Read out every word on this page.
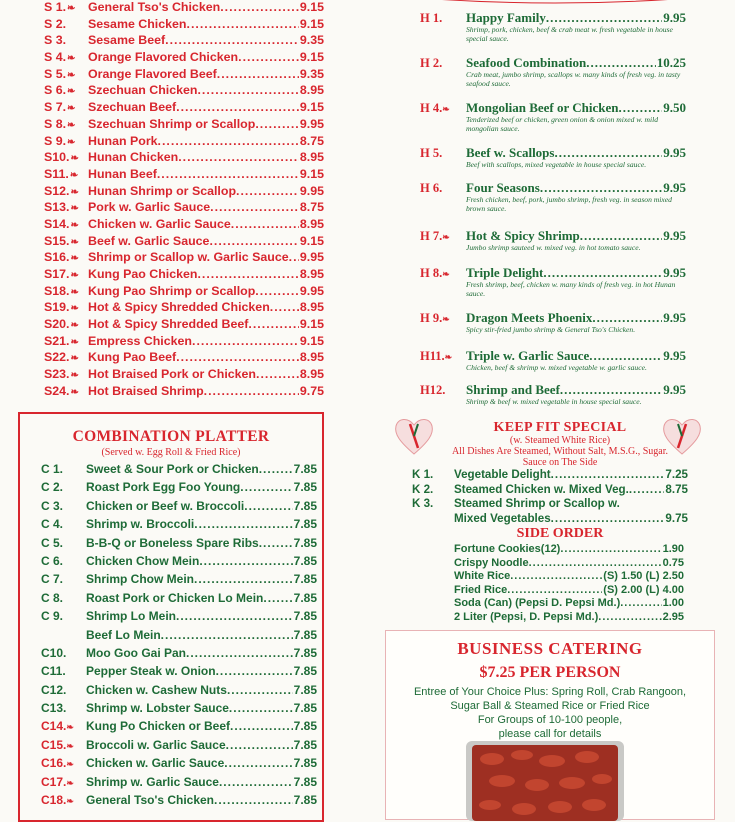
S 1.❧	General Tso's Chicken .....	9.15
S 2.	Sesame Chicken .....	9.15
S 3.	Sesame Beef .....	9.35
S 4.❧	Orange Flavored Chicken .....	9.15
S 5.❧	Orange Flavored Beef .....	9.35
S 6.❧	Szechuan Chicken .....	8.95
S 7.❧	Szechuan Beef .....	9.15
S 8.❧	Szechuan Shrimp or Scallop .....	9.95
S 9.❧	Hunan Pork .....	8.75
S10.❧ Hunan Chicken .....	8.95
S11.❧ Hunan Beef .....	9.15
S12.❧ Hunan Shrimp or Scallop .....	9.95
S13.❧ Pork w. Garlic Sauce .....	8.75
S14.❧ Chicken w. Garlic Sauce .....	8.95
S15.❧ Beef w. Garlic Sauce .....	9.15
S16.❧ Shrimp or Scallop w. Garlic Sauce ..... 9.95
S17.❧ Kung Pao Chicken .....	8.95
S18.❧ Kung Pao Shrimp or Scallop .....	9.95
S19.❧ Hot & Spicy Shredded Chicken ..... 8.95
S20.❧ Hot & Spicy Shredded Beef .....	9.15
S21.❧ Empress Chicken .....	9.15
S22.❧ Kung Pao Beef .....	8.95
S23.❧ Hot Braised Pork or Chicken .....	8.95
S24.❧ Hot Braised Shrimp .....	9.75
COMBINATION PLATTER
(Served w. Egg Roll & Fried Rice)
C 1.	Sweet & Sour Pork or Chicken .....	7.85
C 2.	Roast Pork Egg Foo Young .....	7.85
C 3.	Chicken or Beef w. Broccoli .....	7.85
C 4.	Shrimp w. Broccoli .....	7.85
C 5.	B-B-Q or Boneless Spare Ribs .....	7.85
C 6.	Chicken Chow Mein .....	7.85
C 7.	Shrimp Chow Mein .....	7.85
C 8.	Roast Pork or Chicken Lo Mein .....	7.85
C 9.	Shrimp Lo Mein .....	7.85
Beef Lo Mein .....	7.85
C10.	Moo Goo Gai Pan .....	7.85
C11.	Pepper Steak w. Onion .....	7.85
C12.	Chicken w. Cashew Nuts .....	7.85
C13.	Shrimp w. Lobster Sauce .....	7.85
C14.❧	Kung Po Chicken or Beef .....	7.85
C15.❧	Broccoli w. Garlic Sauce .....	7.85
C16.❧	Chicken w. Garlic Sauce .....	7.85
C17.❧	Shrimp w. Garlic Sauce .....	7.85
C18.❧	General Tso's Chicken .....	7.85
H 1.	Happy Family .....	9.95
Shrimp, pork, chicken, beef & crab meat w. fresh vegetable in house special sauce.
H 2.	Seafood Combination .....	10.25
Crab meat, jumbo shrimp, scallops w. many kinds of fresh veg. in tasty seafood sauce.
H 4.❧	Mongolian Beef or Chicken .....	9.50
Tenderized beef or chicken, green onion & onion mixed w. mild mongolian sauce.
H 5.	Beef w. Scallops .....	9.95
Beef with scallops, mixed vegetable in house special sauce.
H 6.	Four Seasons .....	9.95
Fresh chicken, beef, pork, jumbo shrimp, fresh veg. in season mixed brown sauce.
H 7.❧	Hot & Spicy Shrimp .....	9.95
Jumbo shrimp sauteed w. mixed veg. in hot tomato sauce.
H 8.❧	Triple Delight .....	9.95
Fresh shrimp, beef, chicken w. many kinds of fresh veg. in hot Hunan sauce.
H 9.❧	Dragon Meets Phoenix .....	9.95
Spicy stir-fried jumbo shrimp & General Tso's Chicken.
H11.❧	Triple w. Garlic Sauce .....	9.95
Chicken, beef & shrimp w. mixed vegetable w. garlic sauce.
H12.	Shrimp and Beef .....	9.95
Shrimp & beef w. mixed vegetable in house special sauce.
KEEP FIT SPECIAL
(w. Steamed White Rice)
All Dishes Are Steamed, Without Salt, M.S.G., Sugar.
Sauce on The Side
K 1.	Vegetable Delight .....	7.25
K 2.	Steamed Chicken w. Mixed Veg. .....	8.75
K 3.	Steamed Shrimp or Scallop w.
Mixed Vegetables .....	9.75
SIDE ORDER
Fortune Cookies(12) .....	1.90
Crispy Noodle .....	0.75
White Rice .....	(S) 1.50 (L) 2.50
Fried Rice .....	(S) 2.00 (L) 4.00
Soda (Can) (Pepsi D. Pepsi Md.) .....	1.00
2 Liter (Pepsi, D. Pepsi Md.) .....	2.95
BUSINESS CATERING
$7.25 PER PERSON
Entree of Your Choice Plus: Spring Roll, Crab Rangoon,
Sugar Ball & Steamed Rice or Fried Rice
For Groups of 10-100 people,
please call for details
